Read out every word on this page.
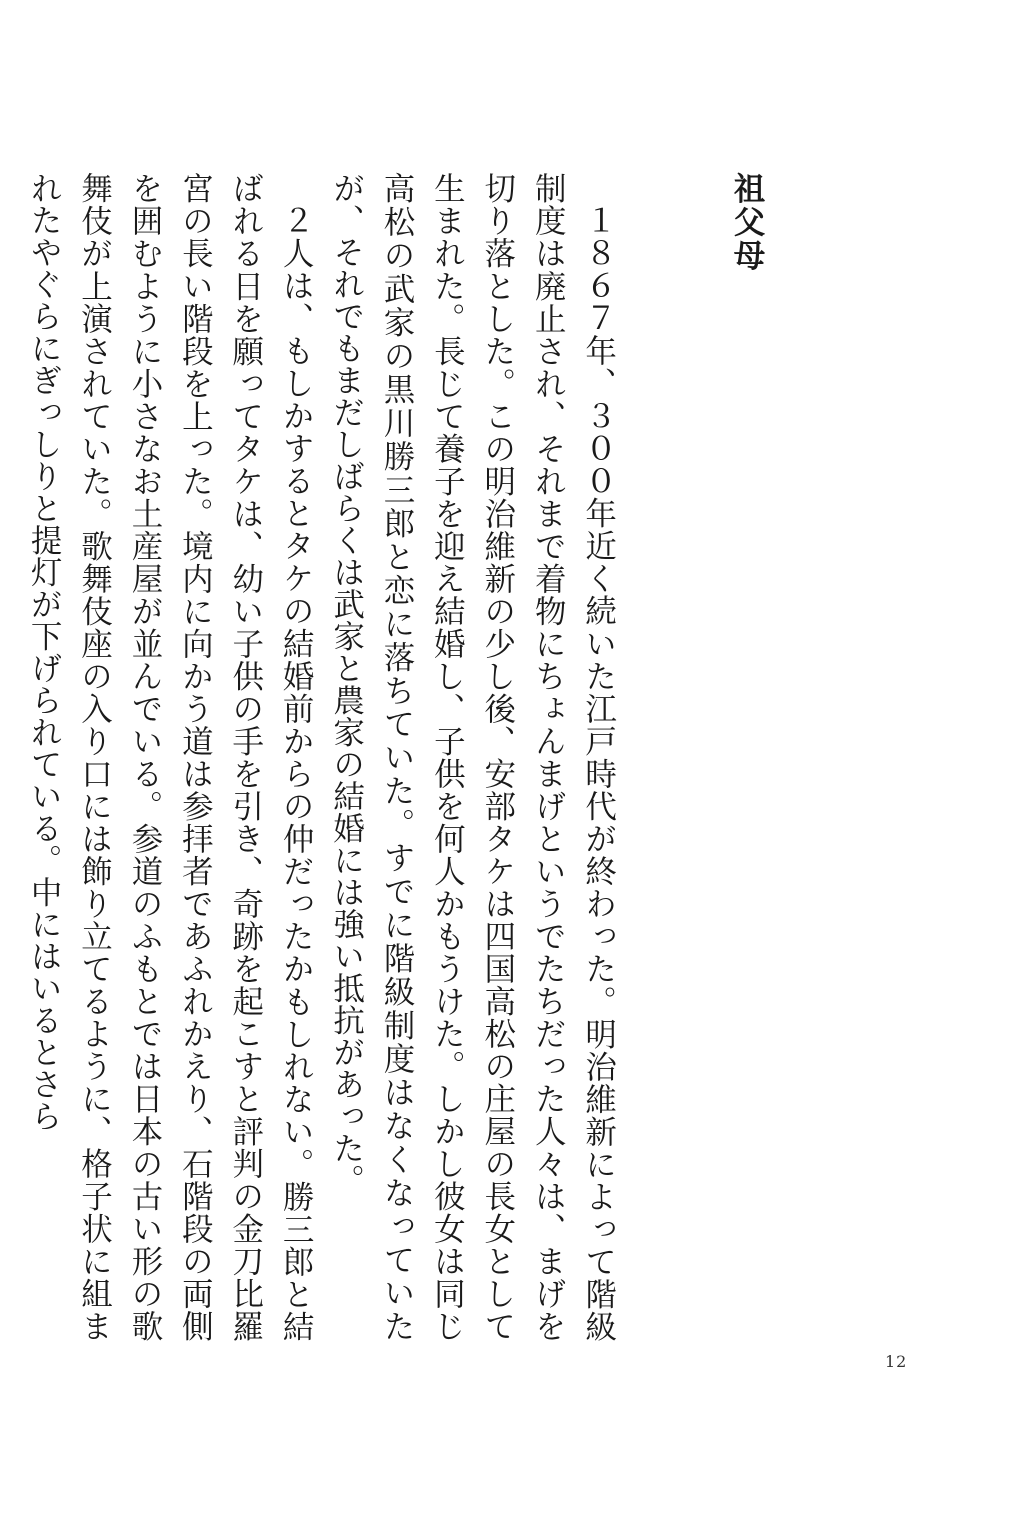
祖父母

１８６７年、３００年近く続いた江戸時代が終わった。明治維新によって階級制度は廃止され、それまで着物にちょんまげというでたちだった人々は、まげを切り落とした。この明治維新の少し後、安部タケは四国高松の庄屋の長女として生まれた。長じて養子を迎え結婚し、子供を何人かもうけた。しかし彼女は同じ高松の武家の黒川勝三郎と恋に落ちていた。すでに階級制度はなくなっていたが、それでもまだしばらくは武家と農家の結婚には強い抵抗があった。

２人は、もしかするとタケの結婚前からの仲だったかもしれない。勝三郎と結ばれる日を願ってタケは、幼い子供の手を引き、奇跡を起こすと評判の金刀比羅宮の長い階段を上った。境内に向かう道は参拝者であふれかえり、石階段の両側を囲むように小さなお土産屋が並んでいる。参道のふもとでは日本の古い形の歌舞伎が上演されていた。歌舞伎座の入り口には飾り立てるように、格子状に組まれたやぐらにぎっしりと提灯が下げられている。中にはいるとさら

12
